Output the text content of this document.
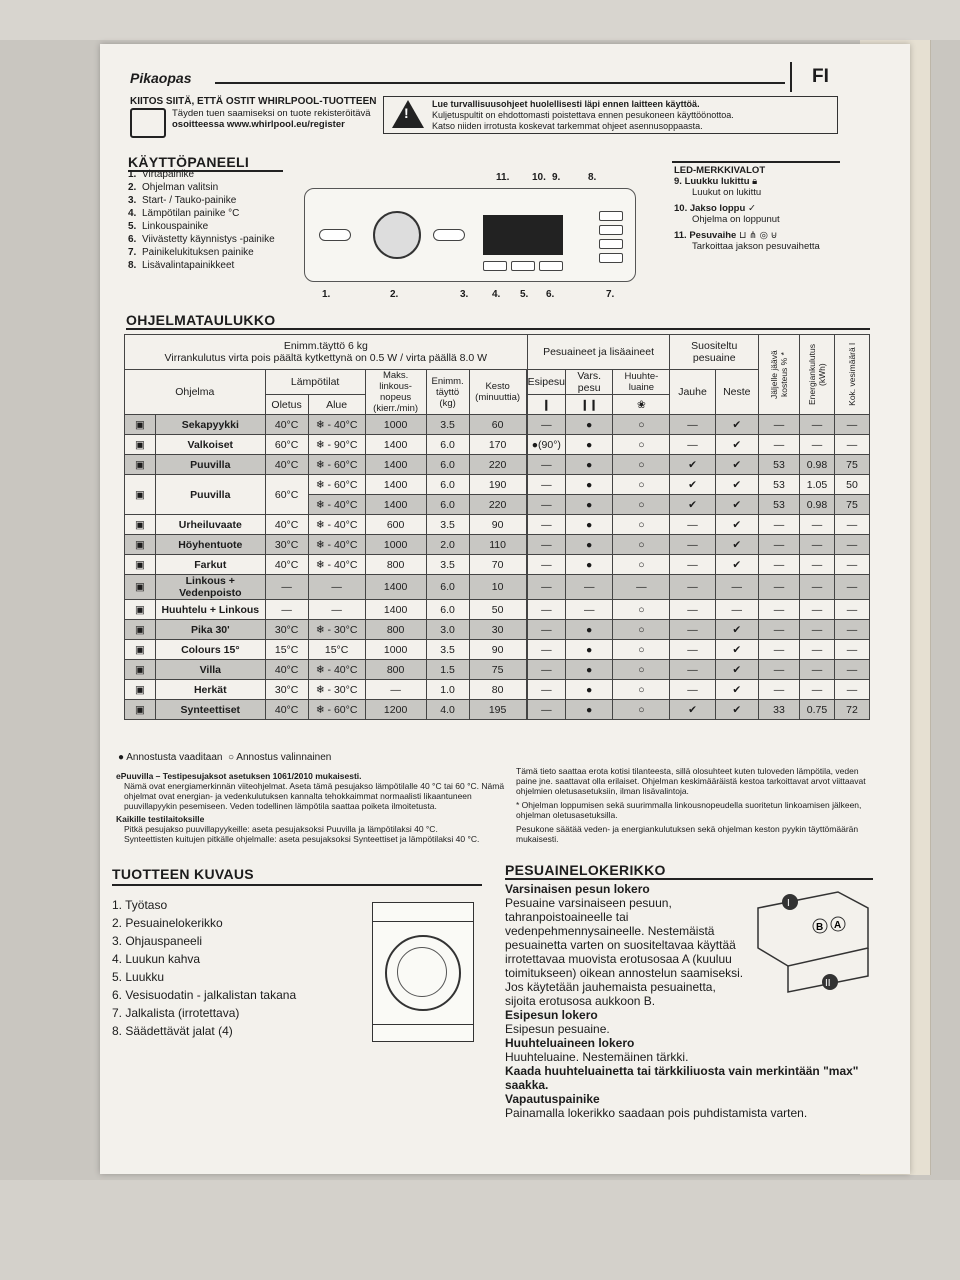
Pikaopas	FI
KIITOS SIITÄ, ETTÄ OSTIT WHIRLPOOL-TUOTTEEN
Täyden tuen saamiseksi on tuote rekisteröitävä
osoitteessa www.whirlpool.eu/register
!
Lue turvallisuusohjeet huolellisesti läpi ennen laitteen käyttöä.
Kuljetuspultit on ehdottomasti poistettava ennen pesukoneen käyttöönottoa.
Katso niiden irrotusta koskevat tarkemmat ohjeet asennusoppaasta.
KÄYTTÖPANEELI
1. Virtapainike
2. Ohjelman valitsin
3. Start- / Tauko-painike
4. Lämpötilan painike °C
5. Linkouspainike
6. Viivästetty käynnistys -painike
7. Painikelukituksen painike
8. Lisävalintapainikkeet
11. 10. 9.	8.
1.	2.	3. 4. 5. 6.	7.
LED-MERKKIVALOT
9. Luukku lukittu 🔒︎
Luukut on lukittu
10. Jakso loppu ✓
Ohjelma on loppunut
11. Pesuvaihe ⊔ ⋔ ◎ ⊍
Tarkoittaa jakson pesuvaihetta
OHJELMATAULUKKO
Enimm.täyttö 6 kg
Virrankulutus virta pois päältä kytkettynä on 0.5 W / virta päällä 8.0 W							Pesuaineet ja lisäaineet			Suositeltu pesuaine		Jäljelle jäävä kosteus % *	Energiankulutus (kWh)	Kok. vesimäärä l

Ohjelma		Lämpötilat		Maks. linkous-nopeus (kierr./min)	Enimm. täyttö (kg)	Kesto (minuuttia)		Esipesu	Vars. pesu	Huuhte-luaine	Jauhe	Neste			
		Oletus	Alue				❙	❙❙	❀					
▣	Sekapyykki	40°C	❄ - 40°C	1000	3.5	60		—	●	○	—	✔	—	—	—
▣	Valkoiset	60°C	❄ - 90°C	1400	6.0	170		●(90°)	●	○	—	✔	—	—	—
▣	Puuvilla	40°C	❄ - 60°C	1400	6.0	220		—	●	○	✔	✔	53	0.98	75
▣	Puuvilla	60°C	❄ - 60°C	1400	6.0	190		—	●	○	✔	✔	53	1.05	50
			❄ - 40°C	1400	6.0	220		—	●	○	✔	✔	53	0.98	75
▣	Urheiluvaate	40°C	❄ - 40°C	600	3.5	90		—	●	○	—	✔	—	—	—
▣	Höyhentuote	30°C	❄ - 40°C	1000	2.0	110		—	●	○	—	✔	—	—	—
▣	Farkut	40°C	❄ - 40°C	800	3.5	70		—	●	○	—	✔	—	—	—
▣	Linkous + Vedenpoisto	—	—	1400	6.0	10		—	—	—	—	—	—	—	—
▣	Huuhtelu + Linkous	—	—	1400	6.0	50		—	—	○	—	—	—	—	—
▣	Pika 30'	30°C	❄ - 30°C	800	3.0	30		—	●	○	—	✔	—	—	—
▣	Colours 15°	15°C	15°C	1000	3.5	90		—	●	○	—	✔	—	—	—
▣	Villa	40°C	❄ - 40°C	800	1.5	75		—	●	○	—	✔	—	—	—
▣	Herkät	30°C	❄ - 30°C	—	1.0	80		—	●	○	—	✔	—	—	—
▣	Synteettiset	40°C	❄ - 60°C	1200	4.0	195		—	●	○	✔	✔	33	0.75	72
● Annostusta vaaditaan ○ Annostus valinnainen
ePuuvilla – Testipesujaksot asetuksen 1061/2010 mukaisesti.
Nämä ovat energiamerkinnän viiteohjelmat. Aseta tämä pesujakso lämpötilalle 40 °C tai 60 °C. Nämä ohjelmat ovat energian- ja vedenkulutuksen kannalta tehokkaimmat normaalisti likaantuneen puuvillapyykin pesemiseen. Veden todellinen lämpötila saattaa poiketa ilmoitetusta.
Kaikille testilaitoksille
Pitkä pesujakso puuvillapyykeille: aseta pesujaksoksi Puuvilla ja lämpötilaksi 40 °C.
Synteettisten kuitujen pitkälle ohjelmalle: aseta pesujaksoksi Synteettiset ja lämpötilaksi 40 °C.
Tämä tieto saattaa erota kotisi tilanteesta, sillä olosuhteet kuten tuloveden lämpötila, veden paine jne. saattavat olla erilaiset. Ohjelman keskimääräistä kestoa tarkoittavat arvot viittaavat ohjelmien oletusasetuksiin, ilman lisävalintoja.
* Ohjelman loppumisen sekä suurimmalla linkousnopeudella suoritetun linkoamisen jälkeen, ohjelman oletusasetuksilla.
Pesukone säätää veden- ja energiankulutuksen sekä ohjelman keston pyykin täyttömäärän mukaisesti.
TUOTTEEN KUVAUS
1. Työtaso
2. Pesuainelokerikko
3. Ohjauspaneeli
4. Luukun kahva
5. Luukku
6. Vesisuodatin - jalkalistan takana
7. Jalkalista (irrotettava)
8. Säädettävät jalat (4)
PESUAINELOKERIKKO
Varsinaisen pesun lokero
Pesuaine varsinaiseen pesuun, tahranpoistoaineelle tai vedenpehmennysaineelle. Nestemäistä pesuainetta varten on suositeltavaa käyttää irrotettavaa muovista erotusosaa A (kuuluu toimitukseen) oikean annostelun saamiseksi. Jos käytetään jauhemaista pesuainetta, sijoita erotusosa aukkoon B.
Esipesun lokero
Esipesun pesuaine.
Huuhteluaineen lokero
Huuhteluaine. Nestemäinen tärkki.
Kaada huuhteluainetta tai tärkkiliuosta vain merkintään "max" saakka.
Vapautuspainike
Painamalla lokerikko saadaan pois puhdistamista varten.
I
B A
II
